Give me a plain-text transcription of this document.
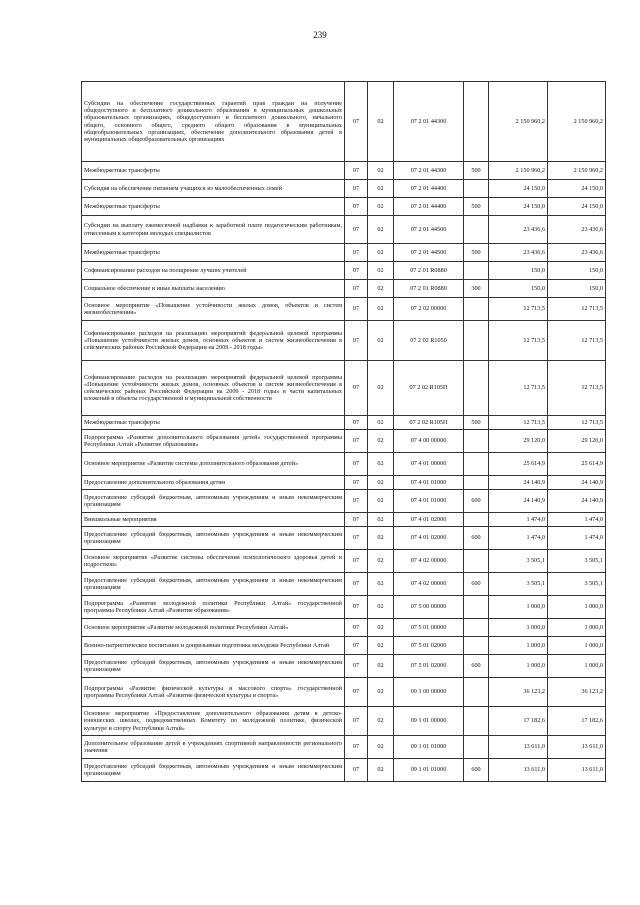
239
Субсидии на обеспечение государственных гарантий прав граждан на получение общедоступного и бесплатного дошкольного образования в муниципальных дошкольных образовательных организациях, общедоступного и бесплатного дошкольного, начального общего, основного общего, среднего общего образования в муниципальных общеобразовательных организациях, обеспечение дополнительного образования детей в муниципальных общеобразовательных организациях	07	02	07 2 01 44300		2 150 960,2	2 150 960,2
Межбюджетные трансферты	07	02	07 2 01 44300	500	2 150 960,2	2 150 960,2
Субсидия на обеспечение питанием учащихся из малообеспеченных семей	07	02	07 2 01 44400		24 150,0	24 150,0
Межбюджетные трансферты	07	02	07 2 01 44400	500	24 150,0	24 150,0
Субсидии на выплату ежемесячной надбавки к заработной плате педагогическим работникам, отнесенным к категории молодых специалистов	07	02	07 2 01 44500		23 436,6	23 436,6
Межбюджетные трансферты	07	02	07 2 01 44500	500	23 436,6	23 436,6
Софинансирование расходов на поощрение лучших учителей	07	02	07 2 01 R0880		150,0	150,0
Социальное обеспечение и иные выплаты населению	07	02	07 2 01 R0880	300	150,0	150,0
Основное мероприятие «Повышение устойчивости жилых домов, объектов и систем жизнеобеспечения»	07	02	07 2 02 00000		12 713,5	12 713,5
Софинансирование расходов на реализацию мероприятий федеральной целевой программы «Повышение устойчивости жилых домов, основных объектов и систем жизнеобеспечения в сейсмических районах Российской Федерации на 2009 - 2018 годы»	07	02	07 2 02 R1050		12 713,5	12 713,5
Софинансирование расходов на реализацию мероприятий федеральной целевой программы «Повышение устойчивости жилых домов, основных объектов и систем жизнеобеспечения в сейсмических районах Российской Федерации на 2009 - 2018 годы» в части капитальных вложений в объекты государственной и муниципальной собственности	07	02	07 2 02 R105П		12 713,5	12 713,5
Межбюджетные трансферты	07	02	07 2 02 R105П	500	12 713,5	12 713,5
Подпрограмма «Развитие дополнительного образования детей» государственной программы Республики Алтай «Развитие образования»	07	02	07 4 00 00000		29 120,0	29 120,0
Основное мероприятие «Развитие системы дополнительного образования детей»	07	02	07 4 01 00000		25 614,9	25 614,9
Предоставление дополнительного образования детям	07	02	07 4 01 01000		24 140,9	24 140,9
Предоставление субсидий бюджетным, автономным учреждениям и иным некоммерческим организациям	07	02	07 4 01 01000	600	24 140,9	24 140,9
Внешкольные мероприятия	07	02	07 4 01 02000		1 474,0	1 474,0
Предоставление субсидий бюджетным, автономным учреждениям и иным некоммерческим организациям	07	02	07 4 01 02000	600	1 474,0	1 474,0
Основное мероприятие «Развитие системы обеспечения психологического здоровья детей и подростков»	07	02	07 4 02 00000		3 505,1	3 505,1
Предоставление субсидий бюджетным, автономным учреждениям и иным некоммерческим организациям	07	02	07 4 02 00000	600	3 505,1	3 505,1
Подпрограмма «Развитие молодежной политики Республики Алтай» государственной программы Республики Алтай «Развитие образования»	07	02	07 5 00 00000		1 000,0	1 000,0
Основное мероприятие «Развитие молодежной политики Республики Алтай»	07	02	07 5 01 00000		1 000,0	1 000,0
Военно-патриотическое воспитание и допризывная подготовка молодежи Республики Алтай	07	02	07 5 01 02000		1 000,0	1 000,0
Предоставление субсидий бюджетным, автономным учреждениям и иным некоммерческим организациям	07	02	07 5 01 02000	600	1 000,0	1 000,0
Подпрограмма «Развитие физической культуры и массового спорта» государственной программы Республики Алтай «Развитие физической культуры и спорта»	07	02	09 1 00 00000		36 123,2	36 123,2
Основное мероприятие «Предоставление дополнительного образования детям в детско-юношеских школах, подведомственных Комитету по молодежной политике, физической культуре и спорту Республики Алтай»	07	02	09 1 01 00000		17 182,6	17 182,6
Дополнительное образование детей в учреждениях спортивной направленности регионального значения	07	02	09 1 01 01000		13 611,0	13 611,0
Предоставление субсидий бюджетным, автономным учреждениям и иным некоммерческим организациям	07	02	09 1 01 01000	600	13 611,0	13 611,0
